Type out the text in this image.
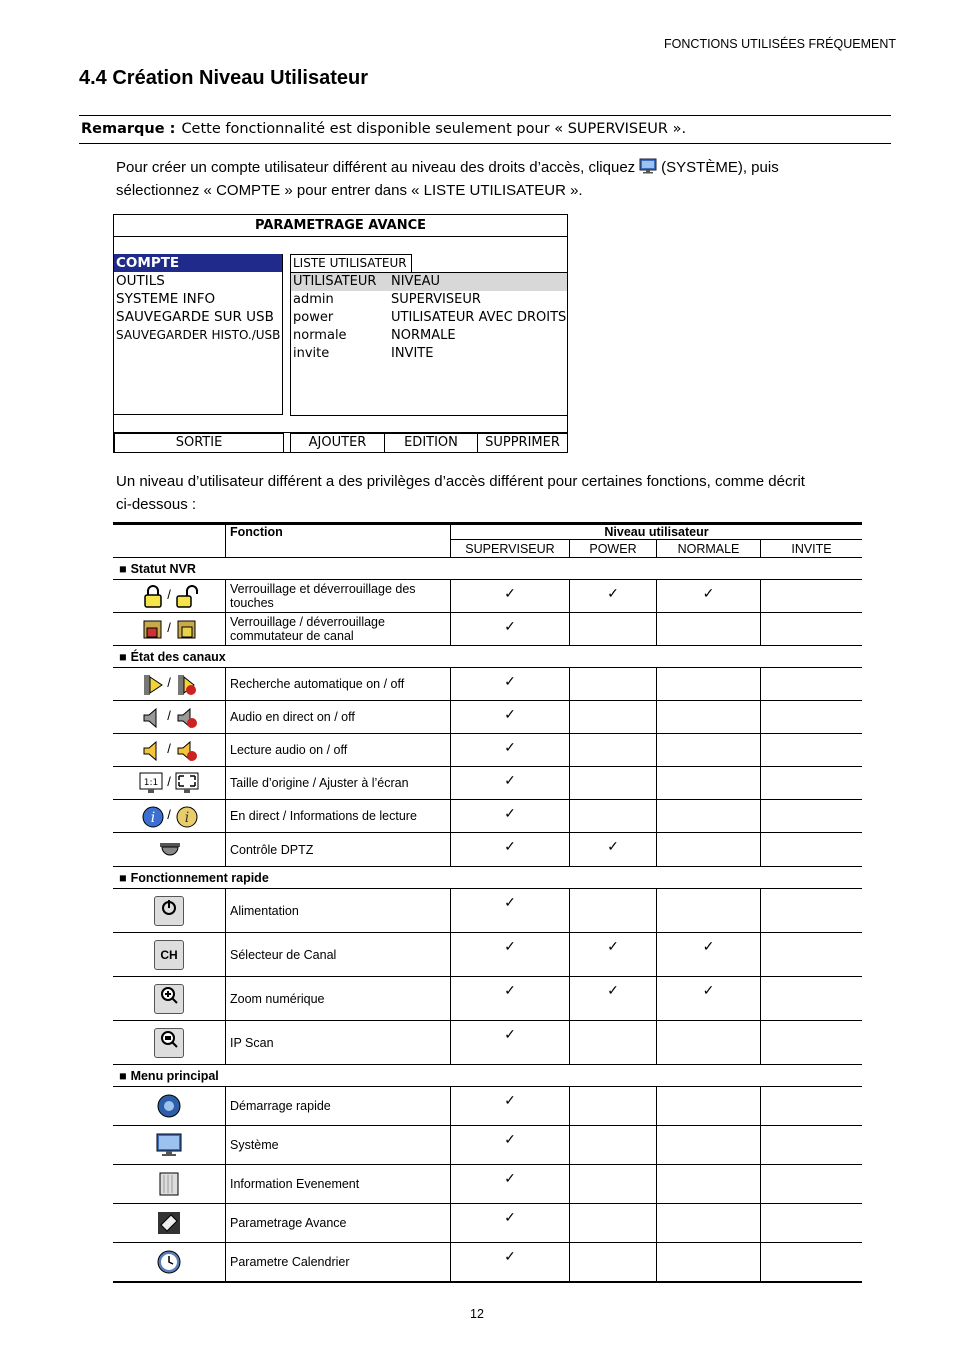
FONCTIONS UTILISÉES FRÉQUEMENT
4.4 Création Niveau Utilisateur
Remarque : Cette fonctionnalité est disponible seulement pour « SUPERVISEUR ».
Pour créer un compte utilisateur différent au niveau des droits d’accès, cliquez (SYSTÈME), puis
sélectionnez « COMPTE » pour entrer dans « LISTE UTILISATEUR ».
PARAMETRAGE AVANCE
COMPTE
OUTILS
SYSTEME INFO
SAUVEGARDE SUR USB
SAUVEGARDER HISTO./USB
LISTE UTILISATEUR
UTILISATEUR	NIVEAU
admin	SUPERVISEUR
power	UTILISATEUR AVEC DROITS
normale	NORMALE
invite	INVITE
SORTIE	AJOUTER	EDITION	SUPPRIMER
Un niveau d’utilisateur différent a des privilèges d’accès différent pour certaines fonctions, comme décrit
ci-dessous :
	Fonction	Niveau utilisateur			
		SUPERVISEUR	POWER	NORMALE	INVITE
■ Statut NVR
/	Verrouillage et déverrouillage des touches	✓	✓	✓	
/	Verrouillage / déverrouillage commutateur de canal	✓			
■ État des canaux
/	Recherche automatique on / off	✓			
/	Audio en direct on / off	✓			
/	Lecture audio on / off	✓			

1:1 /	Taille d’origine / Ajuster à l’écran	✓			

i / i	En direct / Informations de lecture	✓			
	Contrôle DPTZ	✓	✓		
■ Fonctionnement rapide
	Alimentation	✓			
CH	Sélecteur de Canal	✓	✓	✓	
	Zoom numérique	✓	✓	✓	
	IP Scan	✓			
■ Menu principal
	Démarrage rapide	✓			
	Système	✓			
	Information Evenement	✓			
	Parametrage Avance	✓			
	Parametre Calendrier	✓			
12
